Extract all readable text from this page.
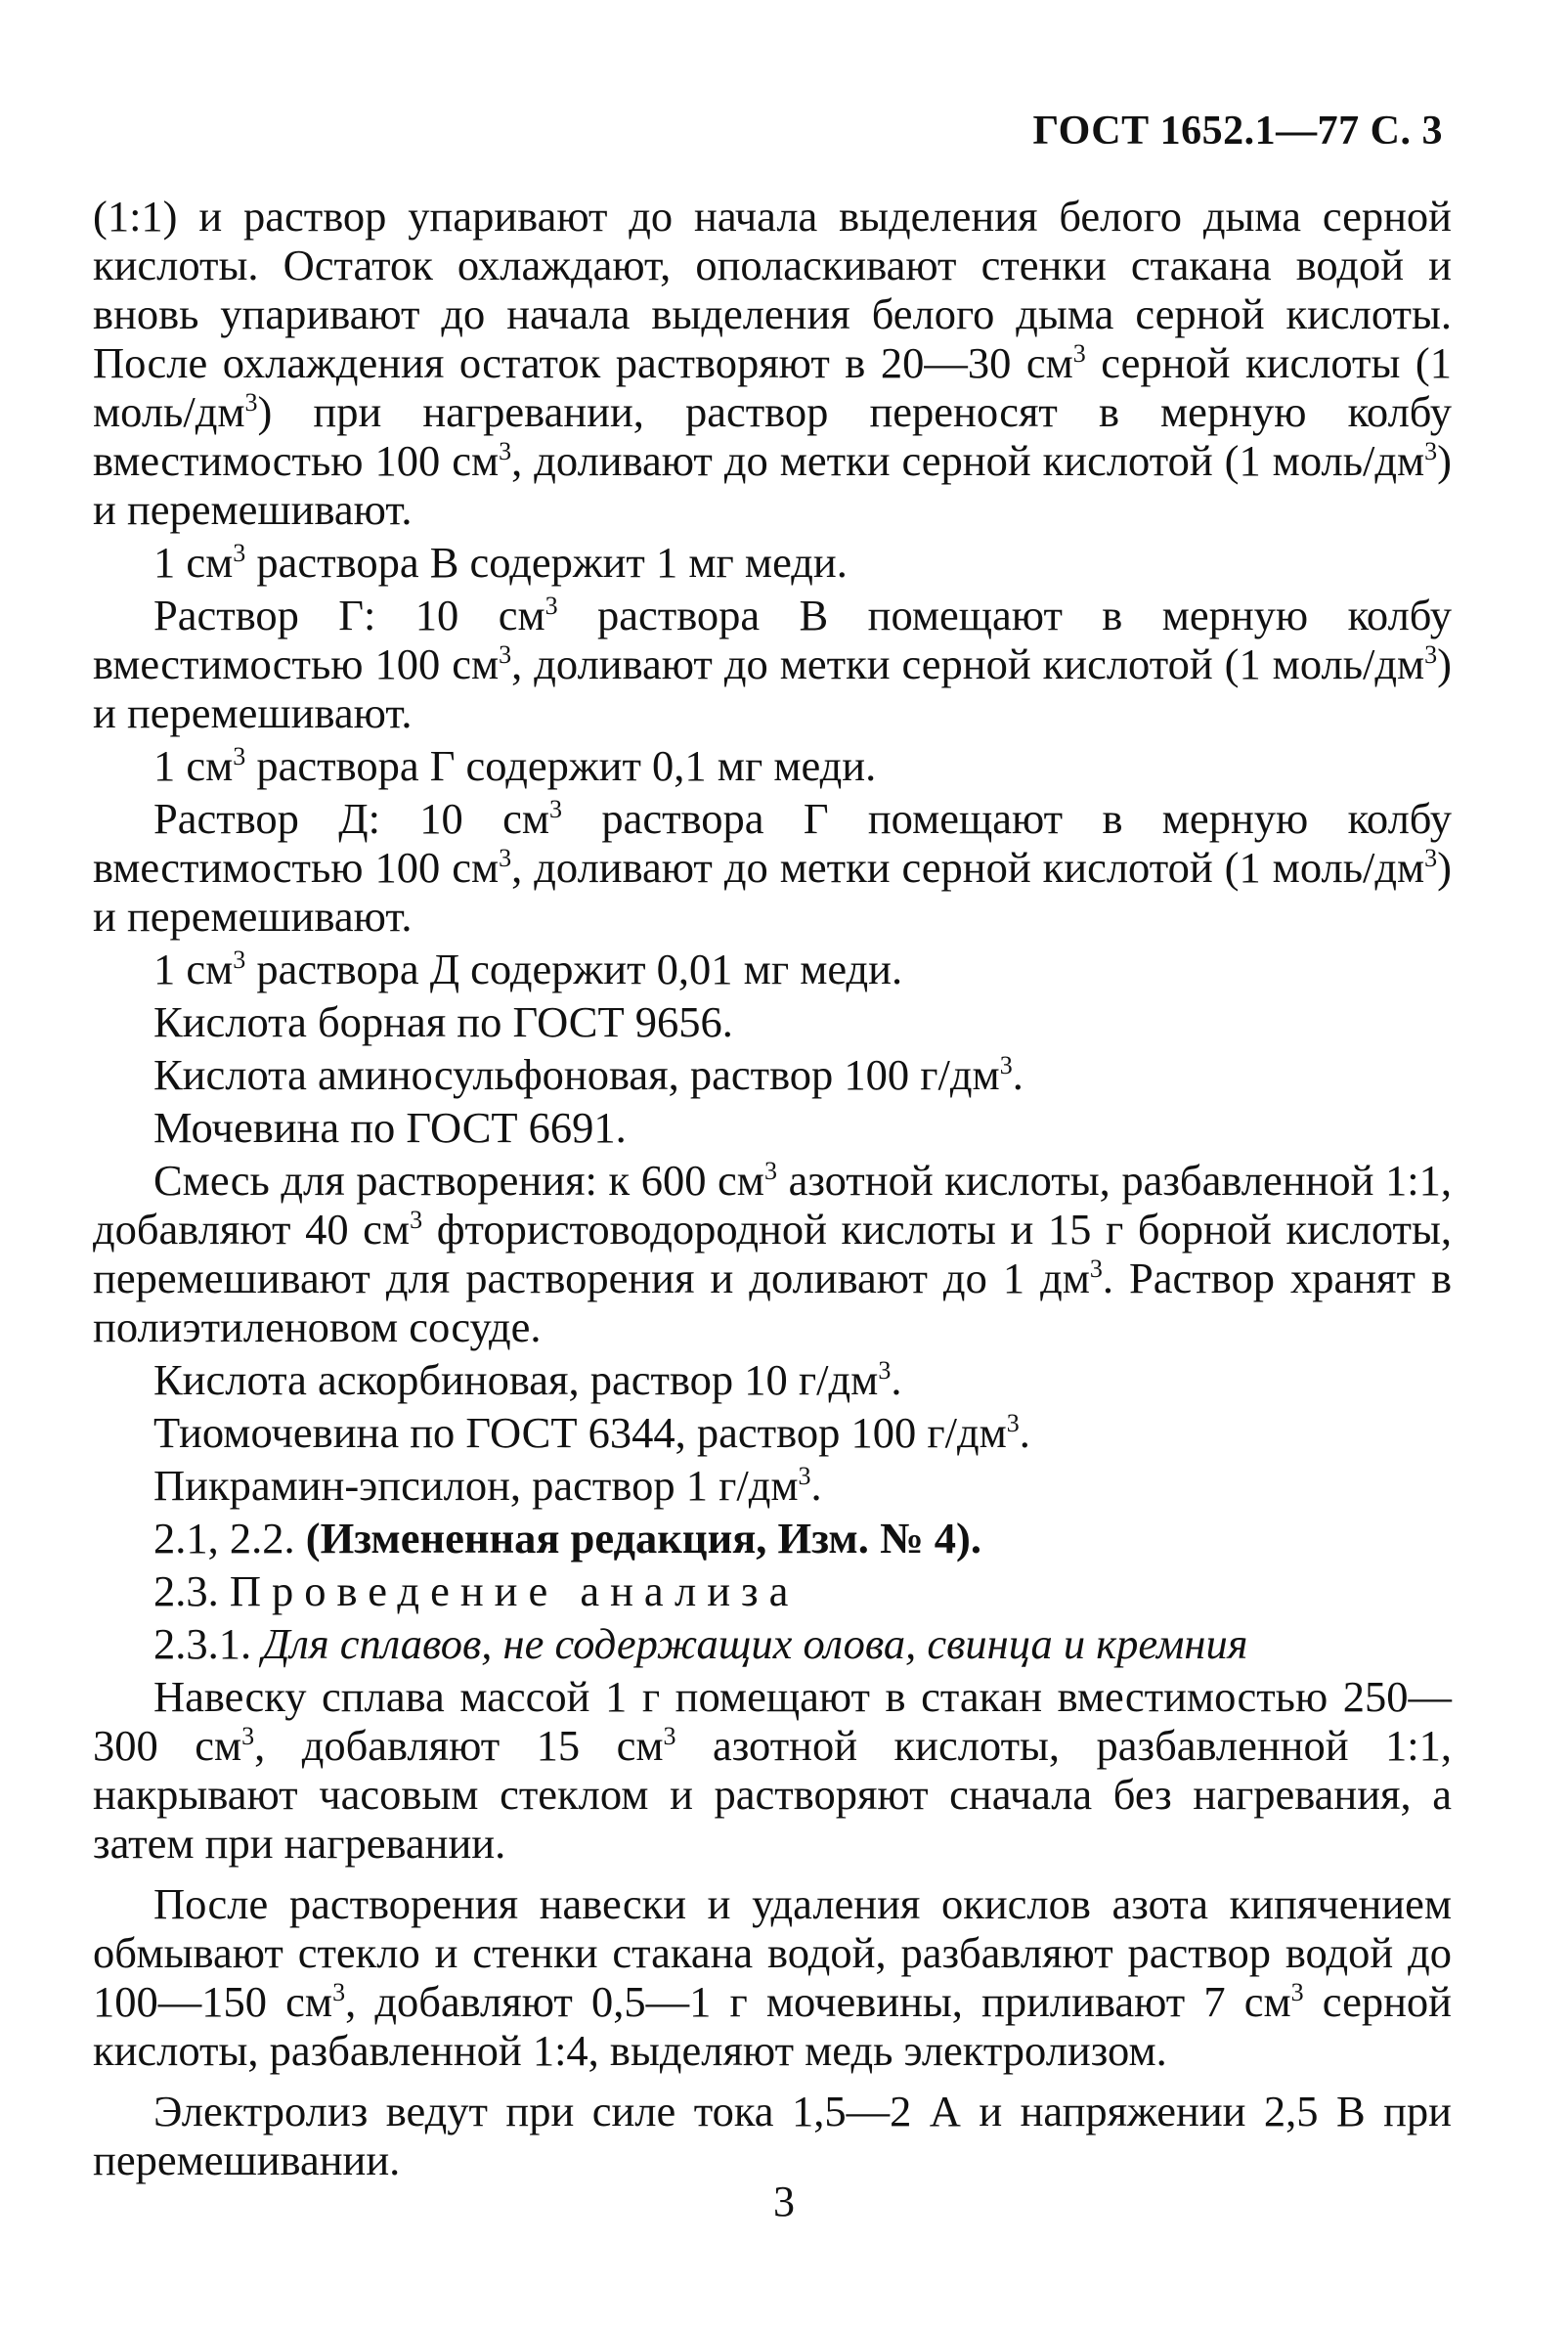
ГОСТ 1652.1—77 С. 3

(1:1) и раствор упаривают до начала выделения белого дыма серной кислоты. Остаток охлаждают, ополаскивают стенки стакана водой и вновь упаривают до начала выделения белого дыма серной кислоты. После охлаждения остаток растворяют в 20—30 $см^3$ серной кислоты (1 моль/$дм^3$) при нагревании, раствор переносят в мерную колбу вместимостью 100 $см^3$, доливают до метки серной кислотой (1 моль/$дм^3$) и перемешивают.

1 $см^3$ раствора В содержит 1 мг меди.

Раствор Г: 10 $см^3$ раствора В помещают в мерную колбу вместимостью 100 $см^3$, доливают до метки серной кислотой (1 моль/$дм^3$) и перемешивают.

1 $см^3$ раствора Г содержит 0,1 мг меди.

Раствор Д: 10 $см^3$ раствора Г помещают в мерную колбу вместимостью 100 $см^3$, доливают до метки серной кислотой (1 моль/$дм^3$) и перемешивают.

1 $см^3$ раствора Д содержит 0,01 мг меди.

Кислота борная по ГОСТ 9656.

Кислота аминосульфоновая, раствор 100 $г/дм^3$.

Мочевина по ГОСТ 6691.

Смесь для растворения: к 600 $см^3$ азотной кислоты, разбавленной 1:1, добавляют 40 $см^3$ фтористоводородной кислоты и 15 г борной кислоты, перемешивают для растворения и доливают до 1 $дм^3$. Раствор хранят в полиэтиленовом сосуде.

Кислота аскорбиновая, раствор 10 $г/дм^3$.

Тиомочевина по ГОСТ 6344, раствор 100 $г/дм^3$.

Пикрамин-эпсилон, раствор 1 $г/дм^3$.

2.1, 2.2. (Измененная редакция, Изм. № 4).

2.3. Проведение анализа

2.3.1. Для сплавов, не содержащих олова, свинца и кремния

Навеску сплава массой 1 г помещают в стакан вместимостью 250—300 $см^3$, добавляют 15 $см^3$ азотной кислоты, разбавленной 1:1, накрывают часовым стеклом и растворяют сначала без нагревания, а затем при нагревании.

После растворения навески и удаления окислов азота кипячением обмывают стекло и стенки стакана водой, разбавляют раствор водой до 100—150 $см^3$, добавляют 0,5—1 г мочевины, приливают 7 $см^3$ серной кислоты, разбавленной 1:4, выделяют медь электролизом.

Электролиз ведут при силе тока 1,5—2 А и напряжении 2,5 В при перемешивании.

3
